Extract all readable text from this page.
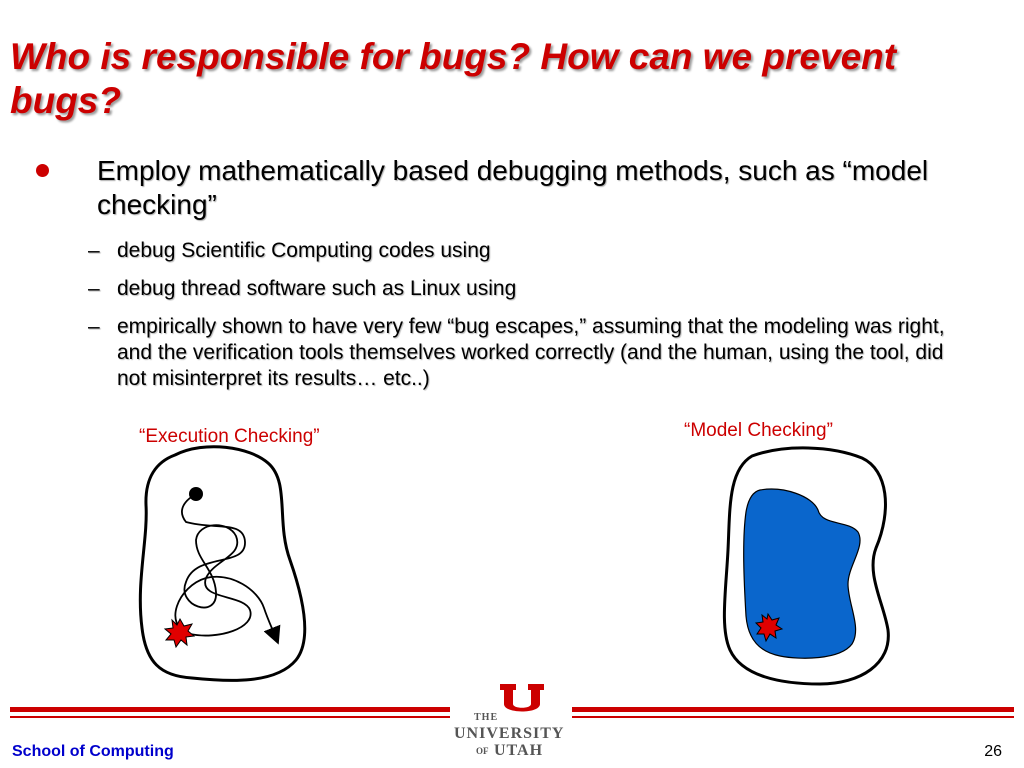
Who is responsible for bugs? How can we prevent bugs?
Employ mathematically based debugging methods, such as “model checking”
– debug Scientific Computing codes using
– debug thread software such as Linux using
– empirically shown to have very few “bug escapes,” assuming that the modeling was right, and the verification tools themselves worked correctly (and the human, using the tool, did not misinterpret its results… etc..)
“Execution Checking”	“Model Checking”
THE
UNIVERSITY
OF UTAH
School of Computing	26
